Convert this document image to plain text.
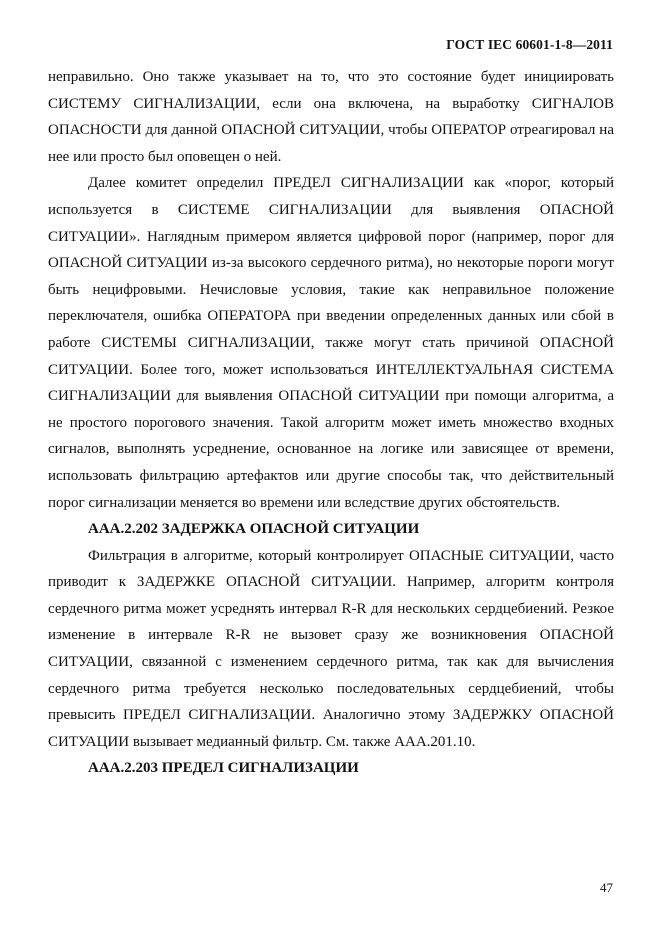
ГОСТ IEC 60601-1-8—2011

неправильно. Оно также указывает на то, что это состояние будет инициировать СИСТЕМУ СИГНАЛИЗАЦИИ, если она включена, на выработку СИГНАЛОВ ОПАСНОСТИ для данной ОПАСНОЙ СИТУАЦИИ, чтобы ОПЕРАТОР отреагировал на нее или просто был оповещен о ней.

Далее комитет определил ПРЕДЕЛ СИГНАЛИЗАЦИИ как «порог, который используется в СИСТЕМЕ СИГНАЛИЗАЦИИ для выявления ОПАСНОЙ СИТУАЦИИ». Наглядным примером является цифровой порог (например, порог для ОПАСНОЙ СИТУАЦИИ из-за высокого сердечного ритма), но некоторые пороги могут быть нецифровыми. Нечисловые условия, такие как неправильное положение переключателя, ошибка ОПЕРАТОРА при введении определенных данных или сбой в работе СИСТЕМЫ СИГНАЛИЗАЦИИ, также могут стать причиной ОПАСНОЙ СИТУАЦИИ. Более того, может использоваться ИНТЕЛЛЕКТУАЛЬНАЯ СИСТЕМА СИГНАЛИЗАЦИИ для выявления ОПАСНОЙ СИТУАЦИИ при помощи алгоритма, а не простого порогового значения. Такой алгоритм может иметь множество входных сигналов, выполнять усреднение, основанное на логике или зависящее от времени, использовать фильтрацию артефактов или другие способы так, что действительный порог сигнализации меняется во времени или вследствие других обстоятельств.

ААА.2.202 ЗАДЕРЖКА ОПАСНОЙ СИТУАЦИИ

Фильтрация в алгоритме, который контролирует ОПАСНЫЕ СИТУАЦИИ, часто приводит к ЗАДЕРЖКЕ ОПАСНОЙ СИТУАЦИИ. Например, алгоритм контроля сердечного ритма может усреднять интервал R-R для нескольких сердцебиений. Резкое изменение в интервале R-R не вызовет сразу же возникновения ОПАСНОЙ СИТУАЦИИ, связанной с изменением сердечного ритма, так как для вычисления сердечного ритма требуется несколько последовательных сердцебиений, чтобы превысить ПРЕДЕЛ СИГНАЛИЗАЦИИ. Аналогично этому ЗАДЕРЖКУ ОПАСНОЙ СИТУАЦИИ вызывает медианный фильтр. См. также ААА.201.10.

ААА.2.203 ПРЕДЕЛ СИГНАЛИЗАЦИИ

47
